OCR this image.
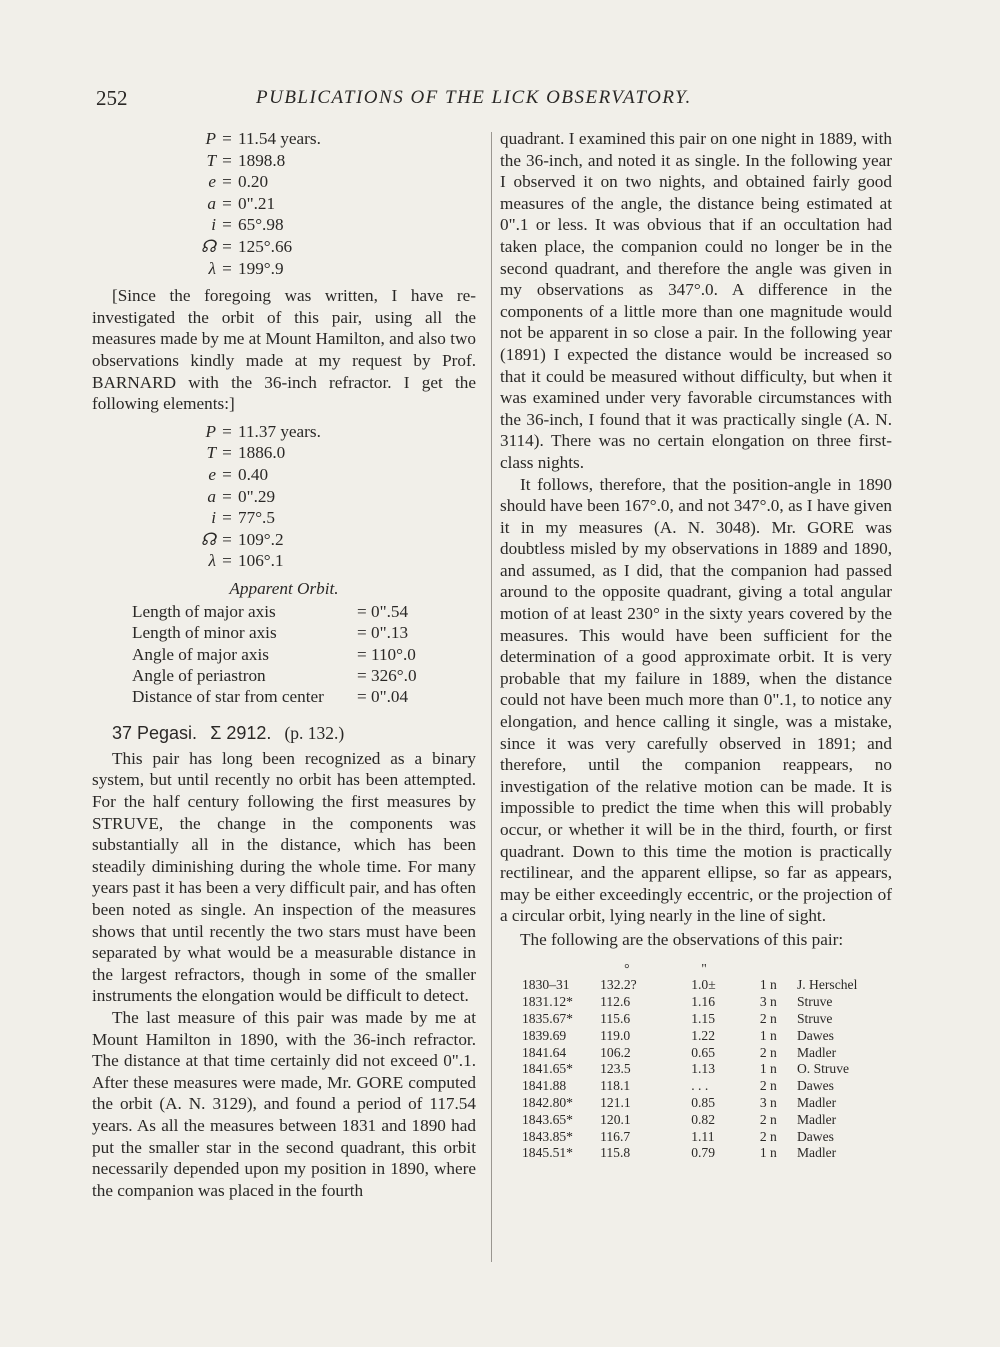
252	PUBLICATIONS OF THE LICK OBSERVATORY.
P = 11.54 years.
T = 1898.8
e = 0.20
a = 0".21
i = 65°.98
☊ = 125°.66
λ = 199°.9

[Since the foregoing was written, I have re-investigated the orbit of this pair, using all the measures made by me at Mount Hamilton, and also two observations kindly made at my request by Prof. BARNARD with the 36-inch refractor. I get the following elements:]

P = 11.37 years.
T = 1886.0
e = 0.40
a = 0".29
i = 77°.5
☊ = 109°.2
λ = 106°.1
Apparent Orbit.
Length of major axis	= 0".54
Length of minor axis	= 0".13
Angle of major axis	= 110°.0
Angle of periastron	= 326°.0
Distance of star from center = 0".04
37 Pegasi. Σ 2912. (p. 132.)

This pair has long been recognized as a binary system, but until recently no orbit has been attempted. For the half century following the first measures by STRUVE, the change in the components was substantially all in the distance, which has been steadily diminishing during the whole time. For many years past it has been a very difficult pair, and has often been noted as single. An inspection of the measures shows that until recently the two stars must have been separated by what would be a measurable distance in the largest refractors, though in some of the smaller instruments the elongation would be difficult to detect.

The last measure of this pair was made by me at Mount Hamilton in 1890, with the 36-inch refractor. The distance at that time certainly did not exceed 0".1. After these measures were made, Mr. GORE computed the orbit (A. N. 3129), and found a period of 117.54 years. As all the measures between 1831 and 1890 had put the smaller star in the second quadrant, this orbit necessarily depended upon my position in 1890, where the companion was placed in the fourth

quadrant. I examined this pair on one night in 1889, with the 36-inch, and noted it as single. In the following year I observed it on two nights, and obtained fairly good measures of the angle, the distance being estimated at 0".1 or less. It was obvious that if an occultation had taken place, the companion could no longer be in the second quadrant, and therefore the angle was given in my observations as 347°.0. A difference in the components of a little more than one magnitude would not be apparent in so close a pair. In the following year (1891) I expected the distance would be increased so that it could be measured without difficulty, but when it was examined under very favorable circumstances with the 36-inch, I found that it was practically single (A. N. 3114). There was no certain elongation on three first-class nights.

It follows, therefore, that the position-angle in 1890 should have been 167°.0, and not 347°.0, as I have given it in my measures (A. N. 3048). Mr. GORE was doubtless misled by my observations in 1889 and 1890, and assumed, as I did, that the companion had passed around to the opposite quadrant, giving a total angular motion of at least 230° in the sixty years covered by the measures. This would have been sufficient for the determination of a good approximate orbit. It is very probable that my failure in 1889, when the distance could not have been much more than 0".1, to notice any elongation, and hence calling it single, was a mistake, since it was very carefully observed in 1891; and therefore, until the companion reappears, no investigation of the relative motion can be made. It is impossible to predict the time when this will probably occur, or whether it will be in the third, fourth, or first quadrant. Down to this time the motion is practically rectilinear, and the apparent ellipse, so far as appears, may be either exceedingly eccentric, or the projection of a circular orbit, lying nearly in the line of sight.

The following are the observations of this pair:

	°	"		
1830–31	132.2?	1.0±	1 n	J. Herschel
1831.12*	112.6	1.16	3 n	Struve
1835.67*	115.6	1.15	2 n	Struve
1839.69	119.0	1.22	1 n	Dawes
1841.64	106.2	0.65	2 n	Madler
1841.65*	123.5	1.13	1 n	O. Struve
1841.88	118.1	. . .	2 n	Dawes
1842.80*	121.1	0.85	3 n	Madler
1843.65*	120.1	0.82	2 n	Madler
1843.85*	116.7	1.11	2 n	Dawes
1845.51*	115.8	0.79	1 n	Madler
